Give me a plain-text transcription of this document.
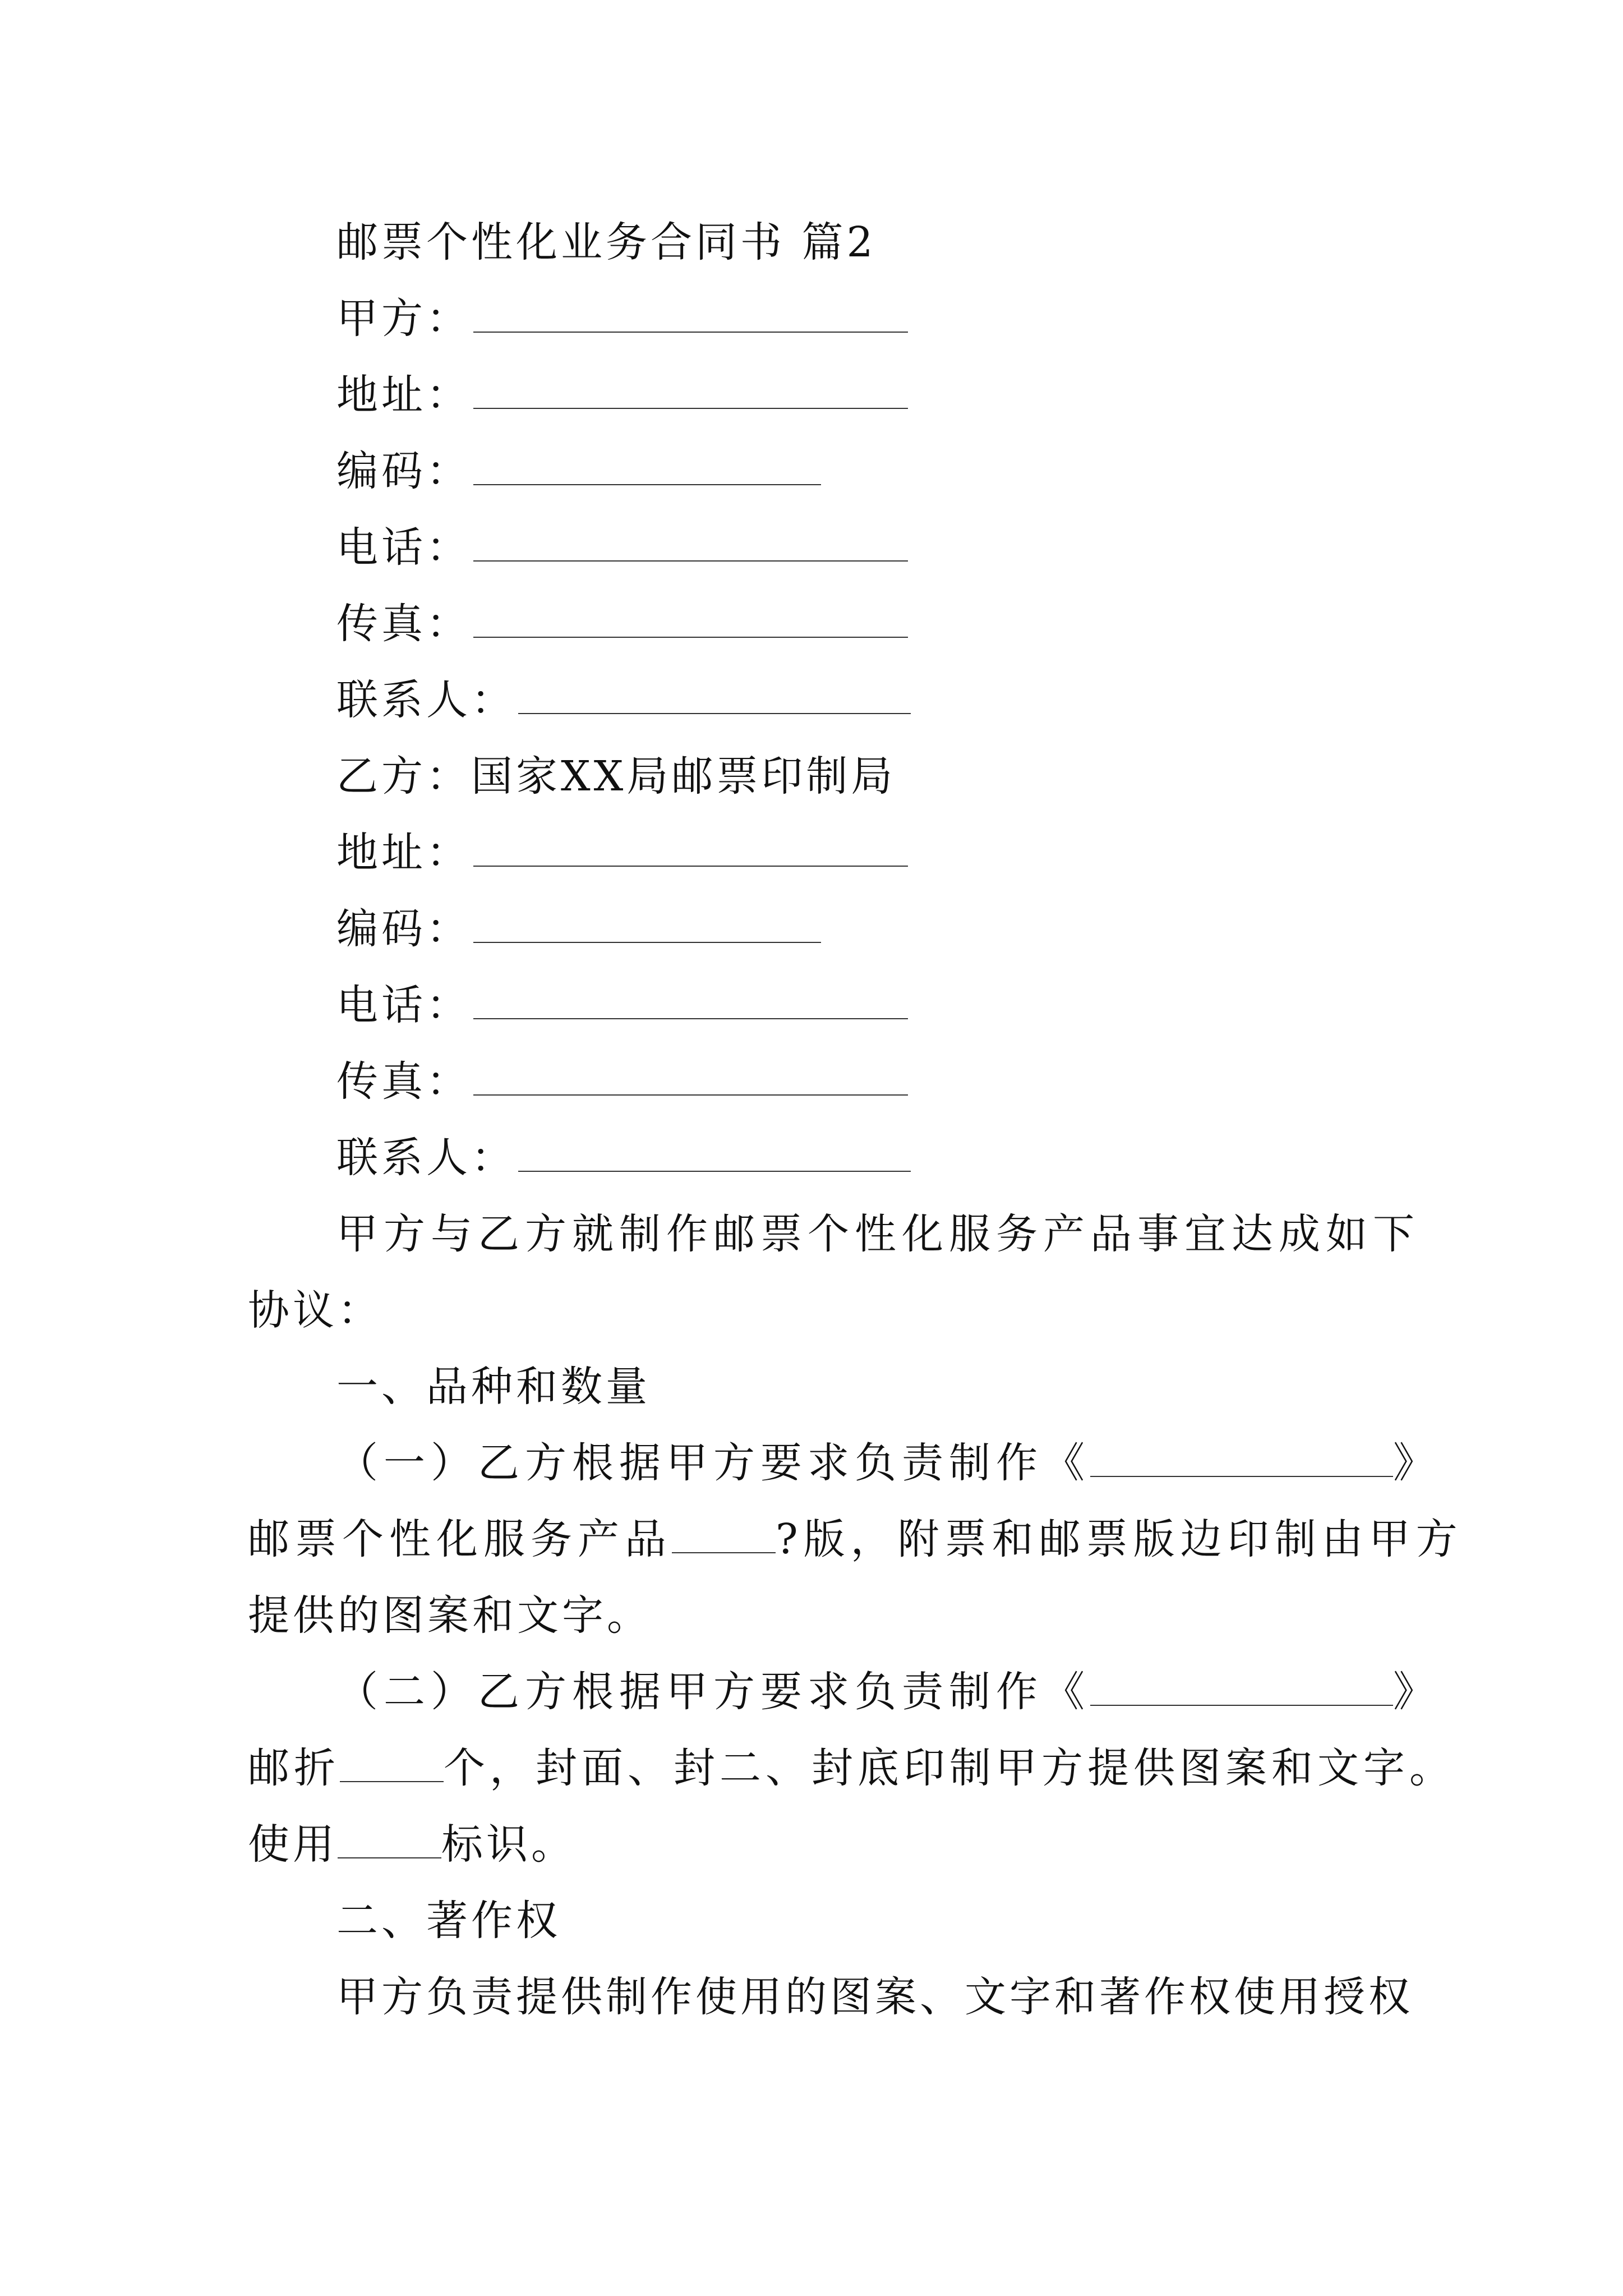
邮票个性化业务合同书 篇2
甲方：
地址：
编码：
电话：
传真：
联系人：
乙方：国家XX局邮票印制局
地址：
编码：
电话：
传真：
联系人：
甲方与乙方就制作邮票个性化服务产品事宜达成如下
协议：
一、品种和数量
（一）乙方根据甲方要求负责制作《	》
邮票个性化服务产品	?版，附票和邮票版边印制由甲方
提供的图案和文字。
（二）乙方根据甲方要求负责制作《	》
邮折	个，封面、封二、封底印制甲方提供图案和文字。
使用	标识。
二、著作权
甲方负责提供制作使用的图案、文字和著作权使用授权
